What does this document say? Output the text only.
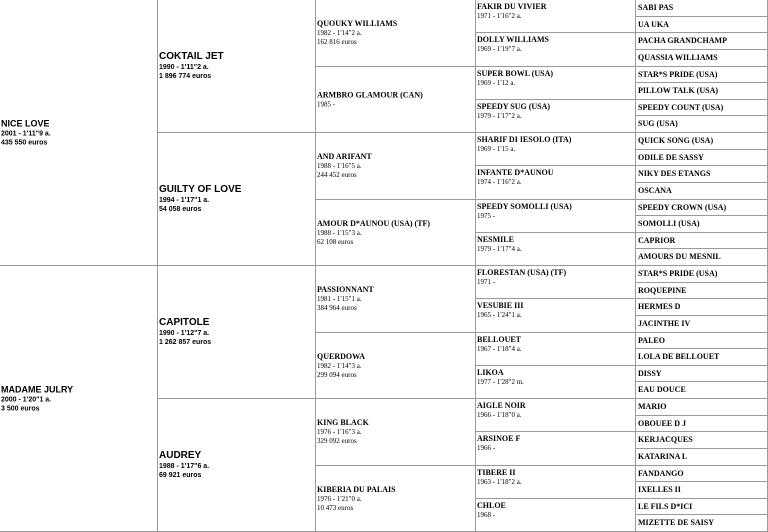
NICE LOVE
2001 - 1'11"9 a.
435 550 euros
MADAME JULRY
2000 - 1'20"1 a.
3 500 euros
COKTAIL JET
1990 - 1'11"2 a.
1 896 774 euros
GUILTY OF LOVE
1994 - 1'17"1 a.
54 058 euros
CAPITOLE
1990 - 1'12"7 a.
1 262 857 euros
AUDREY
1988 - 1'17"6 a.
69 921 euros
QUOUKY WILLIAMS
1982 - 1'14"2 a.
162 816 euros
ARMBRO GLAMOUR (CAN)
1985 -
AND ARIFANT
1988 - 1'16"5 a.
244 452 euros
AMOUR D*AUNOU (USA) (TF)
1988 - 1'15"3 a.
62 108 euros
PASSIONNANT
1981 - 1'15"1 a.
384 964 euros
QUERDOWA
1982 - 1'14"3 a.
299 094 euros
KING BLACK
1976 - 1'16"3 a.
329 092 euros
KIBERIA DU PALAIS
1976 - 1'21"0 a.
10 473 euros
FAKIR DU VIVIER
1971 - 1'16"2 a.
DOLLY WILLIAMS
1969 - 1'19"7 a.
SUPER BOWL (USA)
1969 - 1'12 a.
SPEEDY SUG (USA)
1979 - 1'17"2 a.
SHARIF DI IESOLO (ITA)
1969 - 1'15 a.
INFANTE D*AUNOU
1974 - 1'16"2 a.
SPEEDY SOMOLLI (USA)
1975 -
NESMILE
1979 - 1'17"4 a.
FLORESTAN (USA) (TF)
1971 -
VESUBIE III
1965 - 1'24"1 a.
BELLOUET
1967 - 1'18"4 a.
LIKOA
1977 - 1'28"2 m.
AIGLE NOIR
1966 - 1'18"0 a.
ARSINOE F
1966 -
TIBERE II
1963 - 1'18"2 a.
CHLOE
1968 -
SABI PAS
UA UKA
PACHA GRANDCHAMP
QUASSIA WILLIAMS
STAR*S PRIDE (USA)
PILLOW TALK (USA)
SPEEDY COUNT (USA)
SUG (USA)
QUICK SONG (USA)
ODILE DE SASSY
NIKY DES ETANGS
OSCANA
SPEEDY CROWN (USA)
SOMOLLI (USA)
CAPRIOR
AMOURS DU MESNIL
STAR*S PRIDE (USA)
ROQUEPINE
HERMES D
JACINTHE IV
PALEO
LOLA DE BELLOUET
DISSY
EAU DOUCE
MARIO
OBOUEE D J
KERJACQUES
KATARINA L
FANDANGO
IXELLES II
LE FILS D*ICI
MIZETTE DE SAISY
